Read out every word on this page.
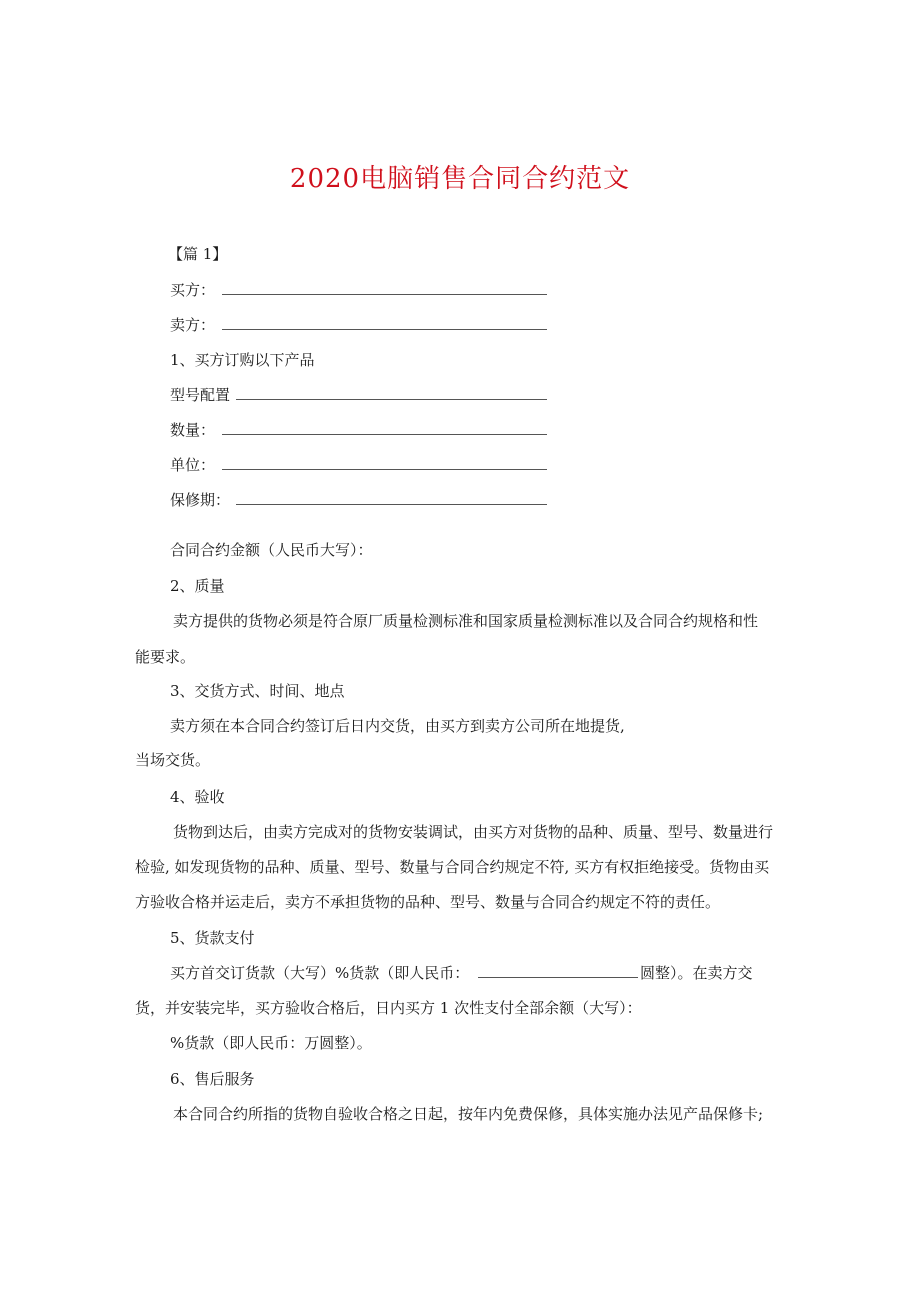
2020电脑销售合同合约范文
【篇 1】
买方：
卖方：
1、买方订购以下产品
型号配置
数量：
单位：
保修期：
合同合约金额（人民币大写）：
2、质量
卖方提供的货物必须是符合原厂质量检测标准和国家质量检测标准以及合同合约规格和性
能要求。
3、交货方式、时间、地点
卖方须在本合同合约签订后日内交货，由买方到卖方公司所在地提货,
当场交货。
4、验收
货物到达后，由卖方完成对的货物安装调试，由买方对货物的品种、质量、型号、数量进行
检验, 如发现货物的品种、质量、型号、数量与合同合约规定不符, 买方有权拒绝接受。货物由买
方验收合格并运走后，卖方不承担货物的品种、型号、数量与合同合约规定不符的责任。
5、货款支付
买方首交订货款（大写）%货款（即人民币：	圆整）。在卖方交
货，并安装完毕，买方验收合格后，日内买方 1 次性支付全部余额（大写）：
%货款（即人民币：万圆整）。
6、售后服务
本合同合约所指的货物自验收合格之日起，按年内免费保修，具体实施办法见产品保修卡;
